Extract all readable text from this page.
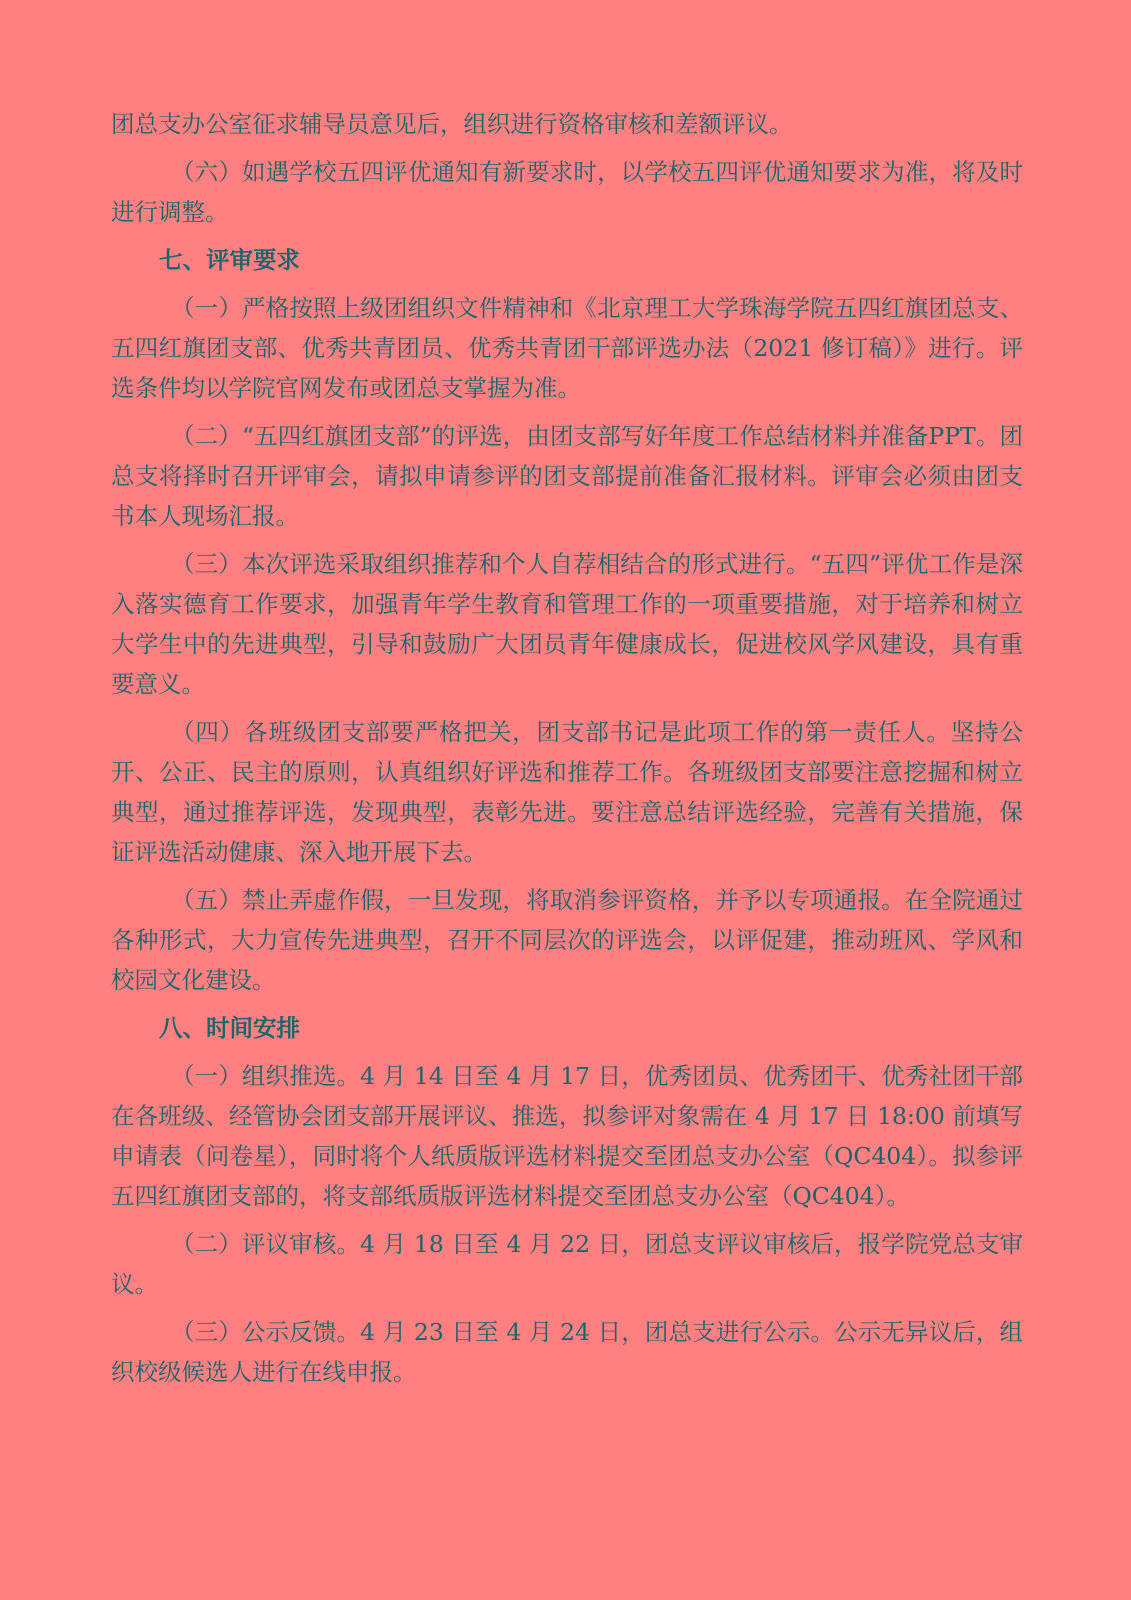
团总支办公室征求辅导员意见后，组织进行资格审核和差额评议。

（六）如遇学校五四评优通知有新要求时，以学校五四评优通知要求为准，将及时进行调整。

七、评审要求

（一）严格按照上级团组织文件精神和《北京理工大学珠海学院五四红旗团总支、五四红旗团支部、优秀共青团员、优秀共青团干部评选办法（2021 修订稿）》进行。评选条件均以学院官网发布或团总支掌握为准。

（二）“五四红旗团支部”的评选，由团支部写好年度工作总结材料并准备PPT。团总支将择时召开评审会，请拟申请参评的团支部提前准备汇报材料。评审会必须由团支书本人现场汇报。

（三）本次评选采取组织推荐和个人自荐相结合的形式进行。“五四”评优工作是深入落实德育工作要求，加强青年学生教育和管理工作的一项重要措施，对于培养和树立大学生中的先进典型，引导和鼓励广大团员青年健康成长，促进校风学风建设，具有重要意义。

（四）各班级团支部要严格把关，团支部书记是此项工作的第一责任人。坚持公开、公正、民主的原则，认真组织好评选和推荐工作。各班级团支部要注意挖掘和树立典型，通过推荐评选，发现典型，表彰先进。要注意总结评选经验，完善有关措施，保证评选活动健康、深入地开展下去。

（五）禁止弄虚作假，一旦发现，将取消参评资格，并予以专项通报。在全院通过各种形式，大力宣传先进典型，召开不同层次的评选会，以评促建，推动班风、学风和校园文化建设。

八、时间安排

（一）组织推选。4 月 14 日至 4 月 17 日，优秀团员、优秀团干、优秀社团干部在各班级、经管协会团支部开展评议、推选，拟参评对象需在 4 月 17 日 18:00 前填写申请表（问卷星），同时将个人纸质版评选材料提交至团总支办公室（QC404）。拟参评五四红旗团支部的，将支部纸质版评选材料提交至团总支办公室（QC404）。

（二）评议审核。4 月 18 日至 4 月 22 日，团总支评议审核后，报学院党总支审议。

（三）公示反馈。4 月 23 日至 4 月 24 日，团总支进行公示。公示无异议后，组织校级候选人进行在线申报。
